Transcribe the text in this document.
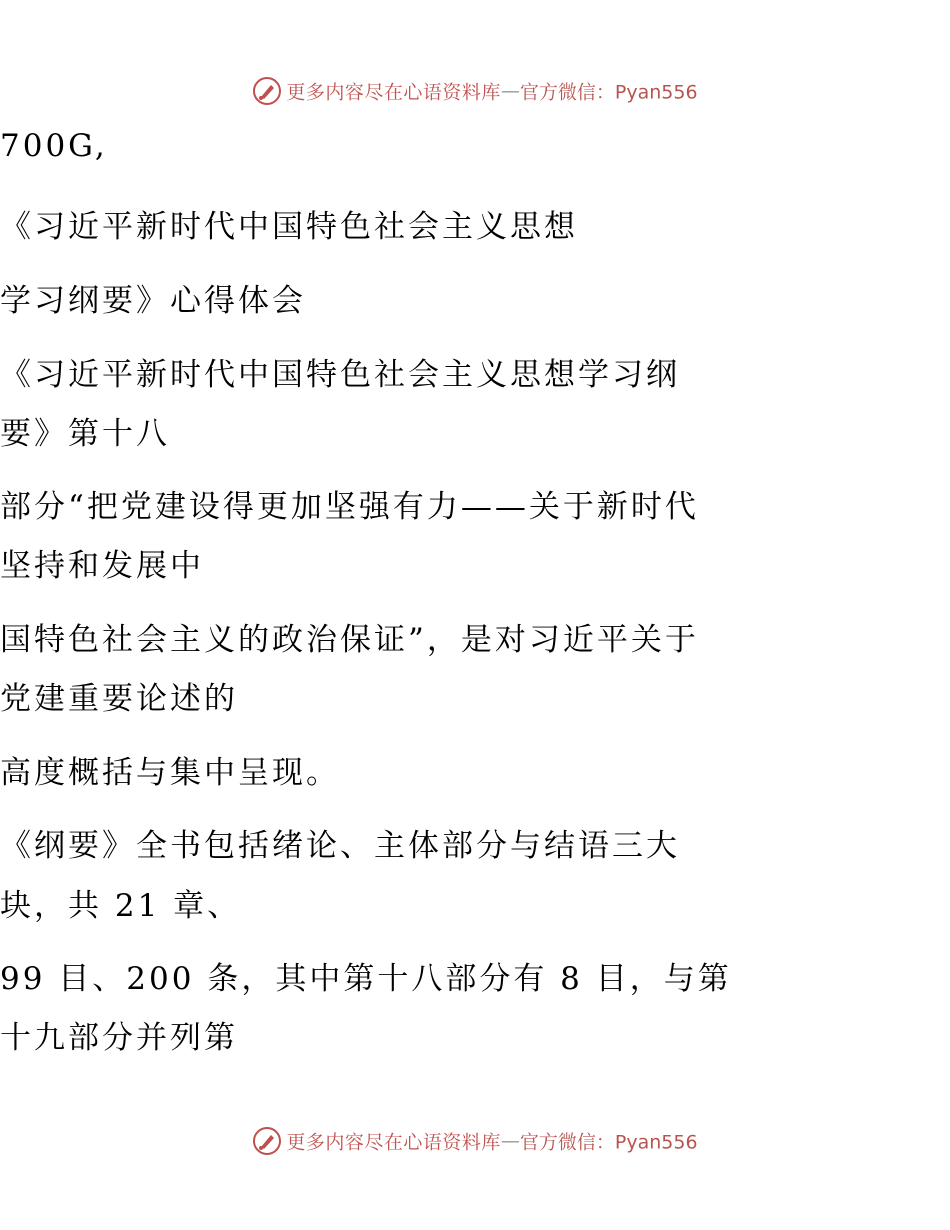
更多内容尽在心语资料库—官方微信：Pyan556
700G,
《习近平新时代中国特色社会主义思想
学习纲要》心得体会
《习近平新时代中国特色社会主义思想学习纲
要》第十八
部分“把党建设得更加坚强有力——关于新时代
坚持和发展中
国特色社会主义的政治保证”，是对习近平关于
党建重要论述的
高度概括与集中呈现。
《纲要》全书包括绪论、主体部分与结语三大
块，共 21 章、
99 目、200 条，其中第十八部分有 8 目，与第
十九部分并列第
更多内容尽在心语资料库—官方微信：Pyan556
